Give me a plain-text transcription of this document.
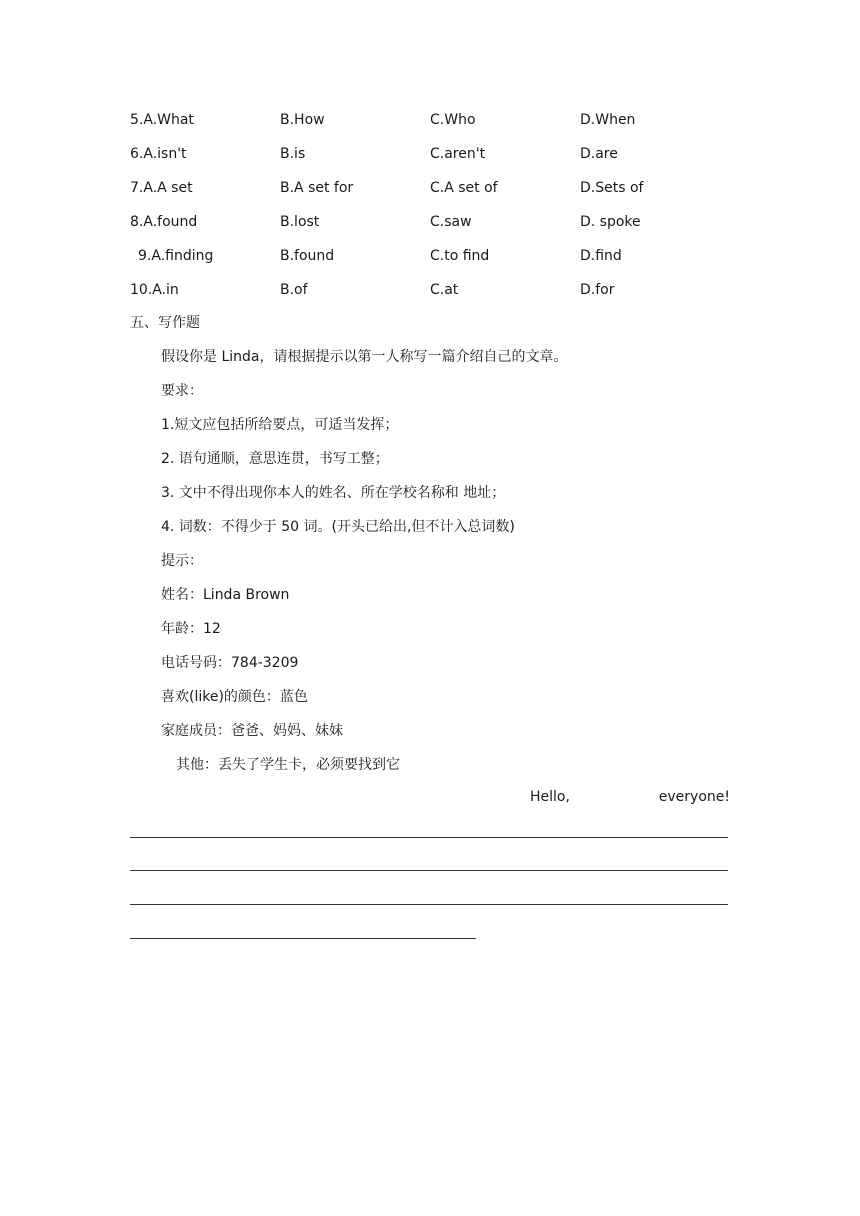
5.A.What	B.How	C.Who	D.When
6.A.isn't	B.is	C.aren't	D.are
7.A.A set	B.A set for	C.A set of	D.Sets of
8.A.found	B.lost	C.saw	D. spoke
9.A.finding	B.found	C.to find	D.find
10.A.in	B.of	C.at	D.for
五、写作题
假设你是 Linda，请根据提示以第一人称写一篇介绍自己的文章。
要求：
1.短文应包括所给要点，可适当发挥；
2. 语句通顺，意思连贯，书写工整；
3. 文中不得出现你本人的姓名、所在学校名称和 地址；
4. 词数：不得少于 50 词。(开头已给出,但不计入总词数)
提示：
姓名：Linda Brown
年龄：12
电话号码：784-3209
喜欢(like)的颜色：蓝色
家庭成员：爸爸、妈妈、妹妹
其他：丢失了学生卡，必须要找到它
Hello,	everyone!
